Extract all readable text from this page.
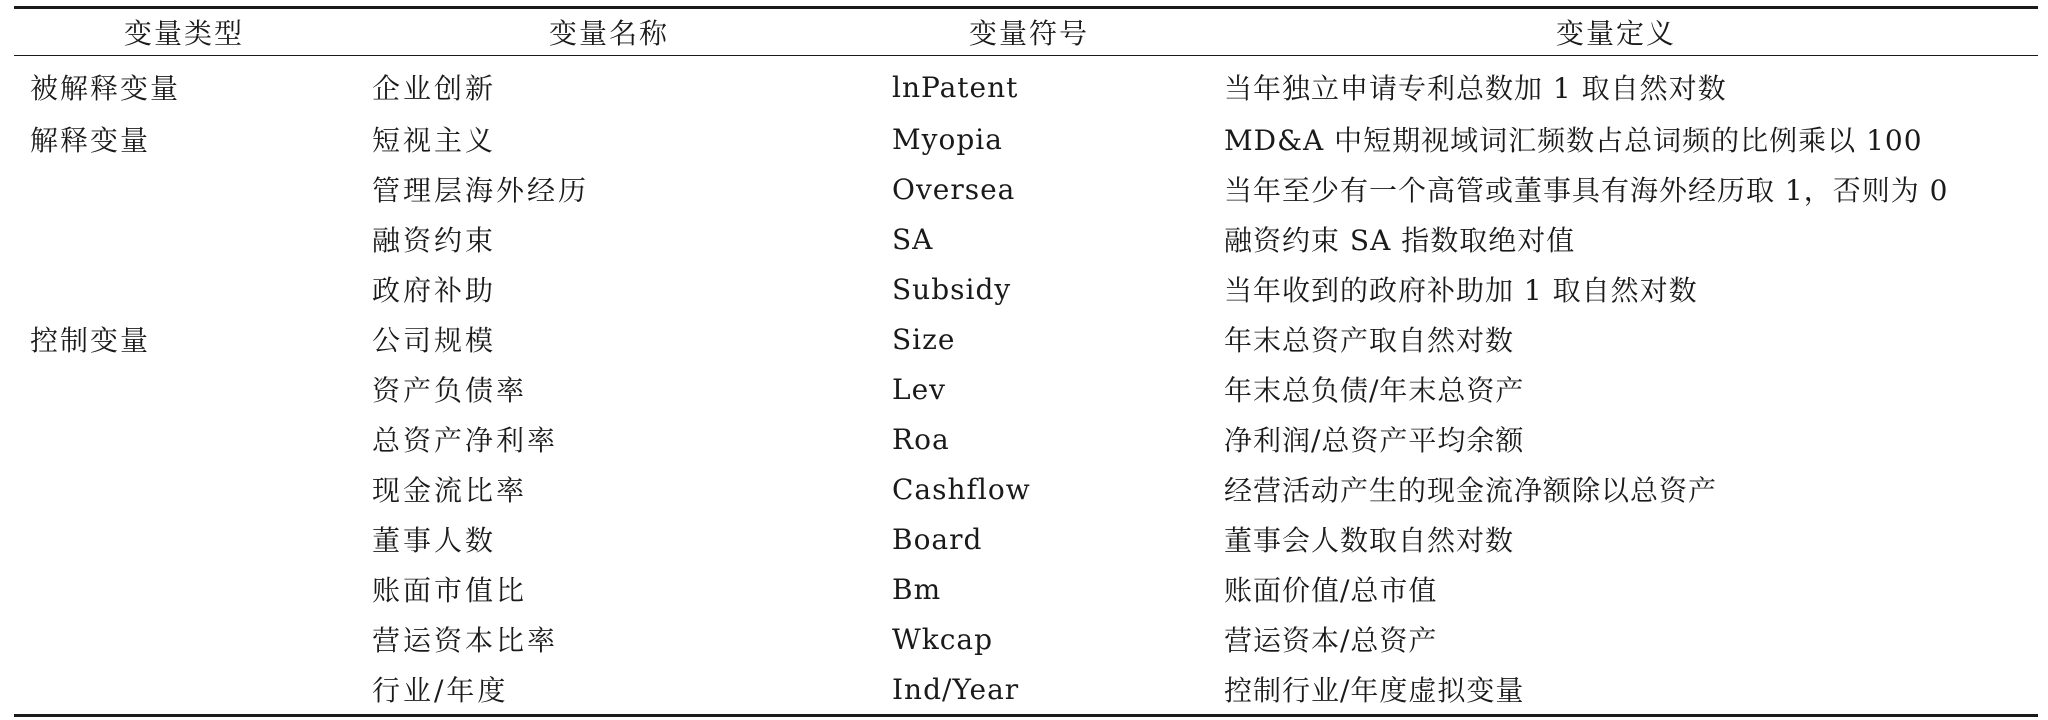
变量类型	变量名称	变量符号	变量定义
被解释变量	企业创新	lnPatent	当年独立申请专利总数加 1 取自然对数
解释变量	短视主义	Myopia	MD&A 中短期视域词汇频数占总词频的比例乘以 100
	管理层海外经历	Oversea	当年至少有一个高管或董事具有海外经历取 1，否则为 0
	融资约束	SA	融资约束 SA 指数取绝对值
	政府补助	Subsidy	当年收到的政府补助加 1 取自然对数
控制变量	公司规模	Size	年末总资产取自然对数
	资产负债率	Lev	年末总负债/年末总资产
	总资产净利率	Roa	净利润/总资产平均余额
	现金流比率	Cashflow	经营活动产生的现金流净额除以总资产
	董事人数	Board	董事会人数取自然对数
	账面市值比	Bm	账面价值/总市值
	营运资本比率	Wkcap	营运资本/总资产
	行业/年度	Ind/Year	控制行业/年度虚拟变量
